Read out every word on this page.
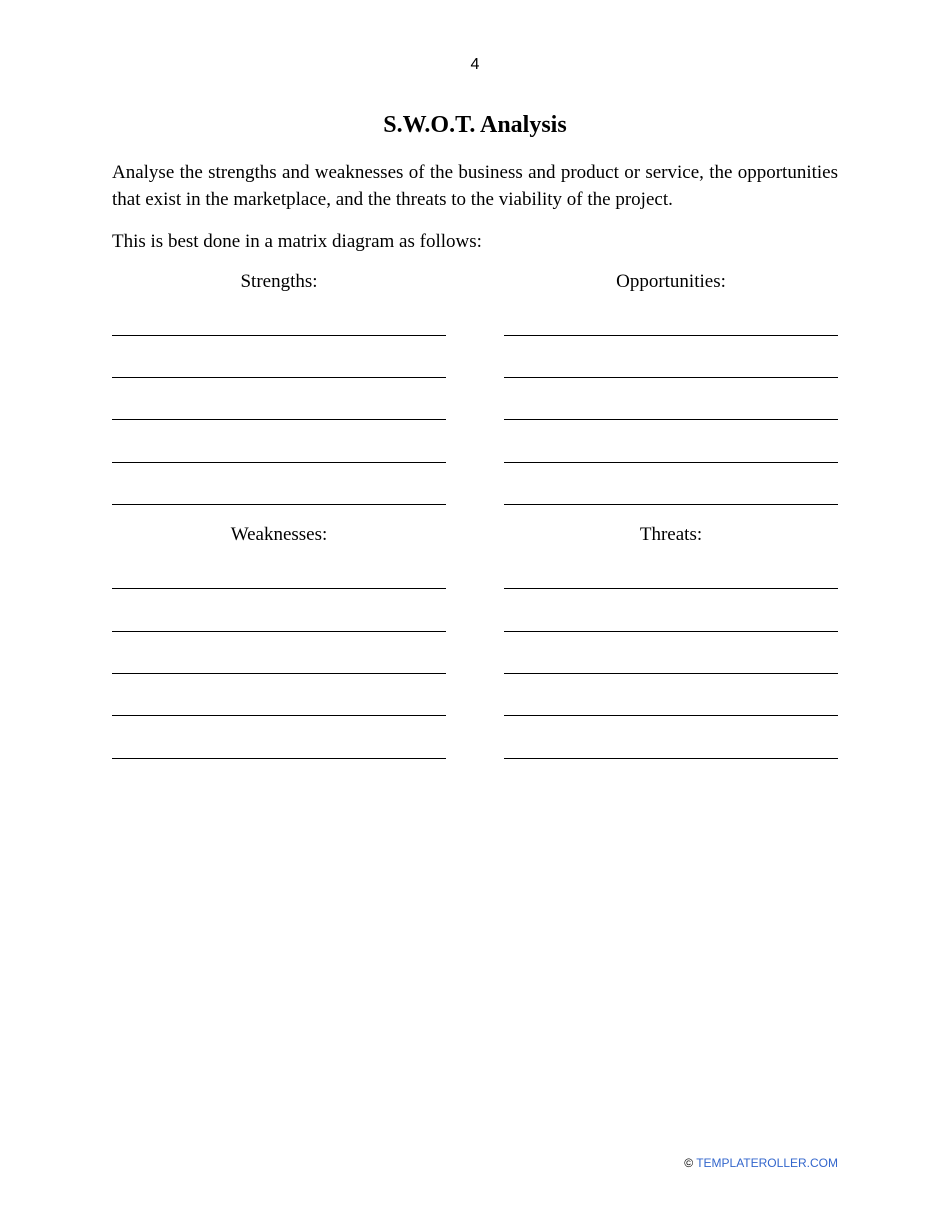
4
S.W.O.T. Analysis

Analyse the strengths and weaknesses of the business and product or service, the opportunities that exist in the marketplace, and the threats to the viability of the project.

This is best done in a matrix diagram as follows:

Strengths:	Opportunities:
Weaknesses:	Threats:
© TEMPLATEROLLER.COM
